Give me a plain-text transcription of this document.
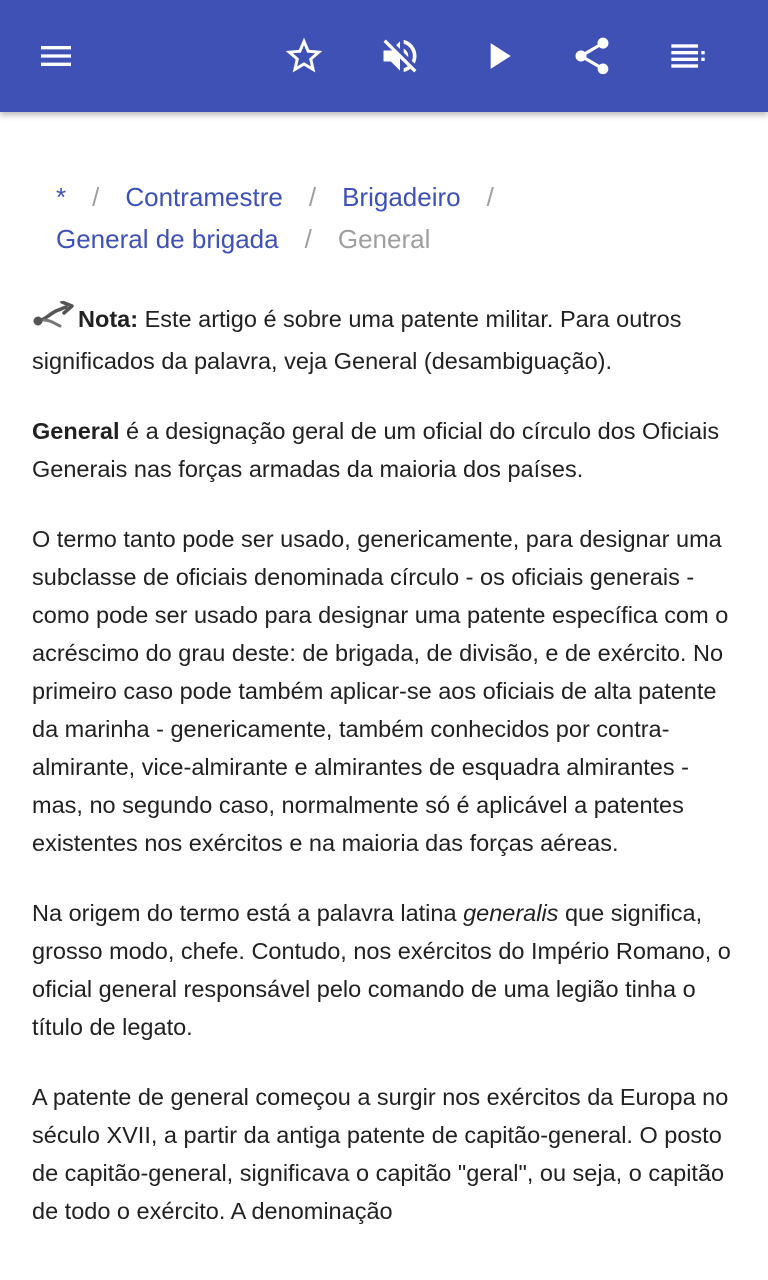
* / Contramestre / Brigadeiro /
General de brigada / General

Nota: Este artigo é sobre uma patente militar. Para outros significados da palavra, veja General (desambiguação).

General é a designação geral de um oficial do círculo dos Oficiais Generais nas forças armadas da maioria dos países.

O termo tanto pode ser usado, genericamente, para designar uma subclasse de oficiais denominada círculo - os oficiais generais - como pode ser usado para designar uma patente específica com o acréscimo do grau deste: de brigada, de divisão, e de exército. No primeiro caso pode também aplicar-se aos oficiais de alta patente da marinha - genericamente, também conhecidos por contra-almirante, vice-almirante e almirantes de esquadra almirantes - mas, no segundo caso, normalmente só é aplicável a patentes existentes nos exércitos e na maioria das forças aéreas.

Na origem do termo está a palavra latina generalis que significa, grosso modo, chefe. Contudo, nos exércitos do Império Romano, o oficial general responsável pelo comando de uma legião tinha o título de legato.

A patente de general começou a surgir nos exércitos da Europa no século XVII, a partir da antiga patente de capitão-general. O posto de capitão-general, significava o capitão "geral", ou seja, o capitão de todo o exército. A denominação
